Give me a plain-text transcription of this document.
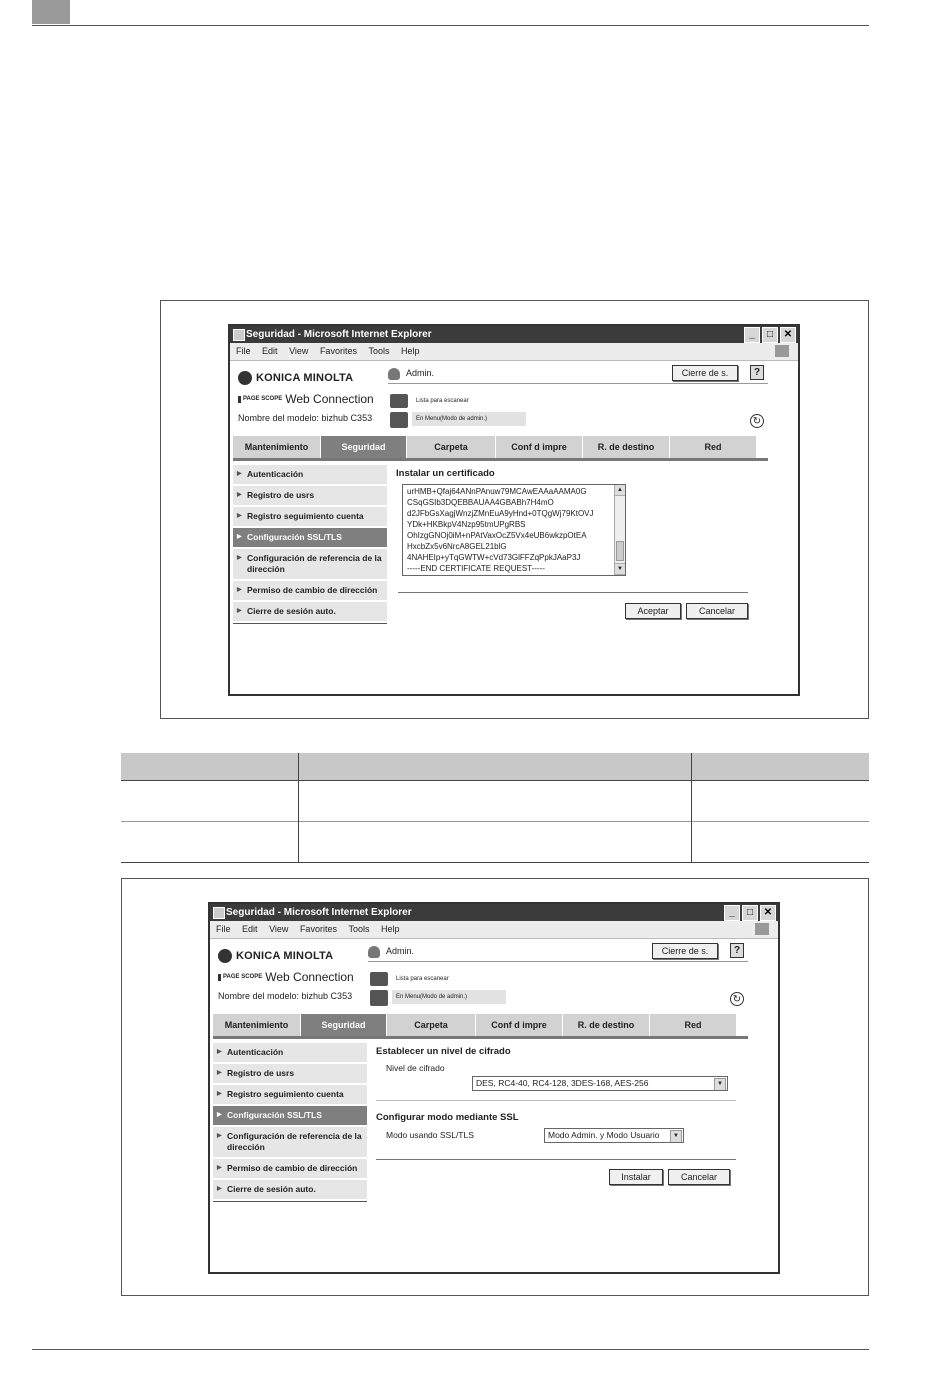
Seguridad - Microsoft Internet Explorer	_	□	✕
File Edit View Favorites Tools Help
KONICA MINOLTA
PAGE SCOPE Web Connection
Nombre del modelo: bizhub C353
Admin.	Cierre de s.	?
Lista para escanear
En Menu(Modo de admin.)	↻
Mantenimiento	Seguridad	Carpeta	Conf d impre	R. de destino	Red
▶ Autenticación
▶ Registro de usrs
▶ Registro seguimiento cuenta
▶ Configuración SSL/TLS
▶ Configuración de referencia de la dirección
▶ Permiso de cambio de dirección
▶ Cierre de sesión auto.
Instalar un certificado
urHMB+Qfaj64ANnPAnuw79MCAwEAAaAAMA0G
CSqGSIb3DQEBBAUAA4GBABh7H4mO
d2JFbGsXagjWnzjZMnEuA9yHnd+0TQgWj79KtOVJ
YDk+HKBkpV4Nzp95tmUPgRBS
OhIzgGNOj0iM+nPAtVaxOcZ5Vx4eUB6wkzpOtEA
HxcbZx5v6NrcA8GEL21blG
4NAHEIp+yTqGWTW+cVd73GlFFZqPpkJAaP3J
-----END CERTIFICATE REQUEST-----
▲
▼
Aceptar	Cancelar
Seguridad - Microsoft Internet Explorer	_	□	✕
File Edit View Favorites Tools Help
KONICA MINOLTA
PAGE SCOPE Web Connection
Nombre del modelo: bizhub C353
Admin.	Cierre de s.	?
Lista para escanear
En Menu(Modo de admin.)	↻
Mantenimiento	Seguridad	Carpeta	Conf d impre	R. de destino	Red
▶ Autenticación
▶ Registro de usrs
▶ Registro seguimiento cuenta
▶ Configuración SSL/TLS
▶ Configuración de referencia de la dirección
▶ Permiso de cambio de dirección
▶ Cierre de sesión auto.
Establecer un nivel de cifrado
Nivel de cifrado
DES, RC4-40, RC4-128, 3DES-168, AES-256	▼
Configurar modo mediante SSL
Modo usando SSL/TLS	Modo Admin. y Modo Usuario	▼
Instalar	Cancelar
